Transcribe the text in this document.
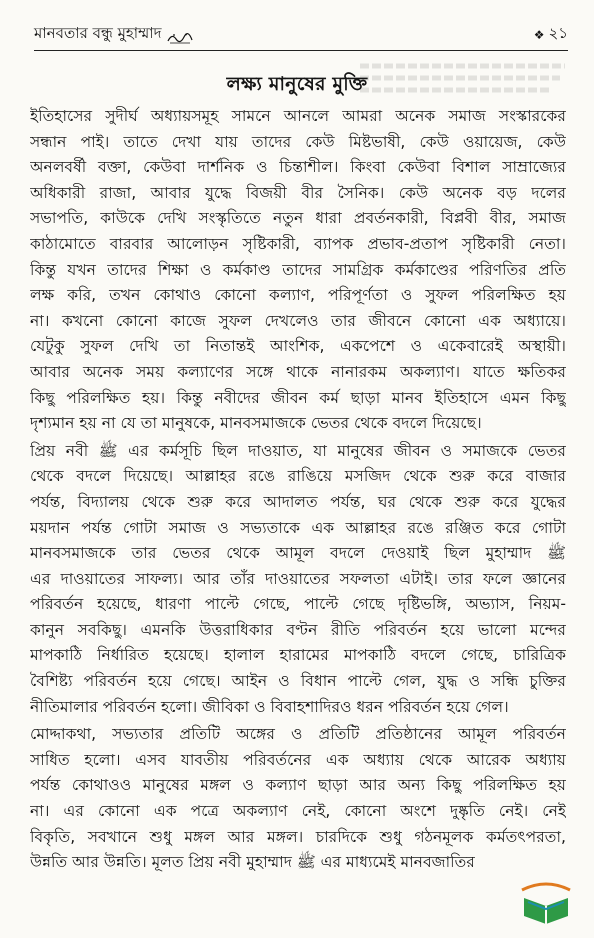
মানবতার বন্ধু মুহাম্মাদ	❖ ২১
লক্ষ্য মানুষের মুক্তি

ইতিহাসের সুদীর্ঘ অধ্যায়সমূহ সামনে আনলে আমরা অনেক সমাজ সংস্কারকের
সন্ধান পাই। তাতে দেখা যায় তাদের কেউ মিষ্টভাষী, কেউ ওয়ায়েজ, কেউ
অনলবর্ষী বক্তা, কেউবা দার্শনিক ও চিন্তাশীল। কিংবা কেউবা বিশাল সাম্রাজ্যের
অধিকারী রাজা, আবার যুদ্ধে বিজয়ী বীর সৈনিক। কেউ অনেক বড় দলের
সভাপতি, কাউকে দেখি সংস্কৃতিতে নতুন ধারা প্রবর্তনকারী, বিপ্লবী বীর, সমাজ
কাঠামোতে বারবার আলোড়ন সৃষ্টিকারী, ব্যাপক প্রভাব-প্রতাপ সৃষ্টিকারী নেতা।
কিন্তু যখন তাদের শিক্ষা ও কর্মকাণ্ড তাদের সামগ্রিক কর্মকাণ্ডের পরিণতির প্রতি
লক্ষ করি, তখন কোথাও কোনো কল্যাণ, পরিপূর্ণতা ও সুফল পরিলক্ষিত হয়
না। কখনো কোনো কাজে সুফল দেখলেও তার জীবনে কোনো এক অধ্যায়ে।
যেটুকু সুফল দেখি তা নিতান্তই আংশিক, একপেশে ও একেবারেই অস্থায়ী।
আবার অনেক সময় কল্যাণের সঙ্গে থাকে নানারকম অকল্যাণ। যাতে ক্ষতিকর
কিছু পরিলক্ষিত হয়। কিন্তু নবীদের জীবন কর্ম ছাড়া মানব ইতিহাসে এমন কিছু
দৃশ্যমান হয় না যে তা মানুষকে, মানবসমাজকে ভেতর থেকে বদলে দিয়েছে।

প্রিয় নবী ﷺ এর কর্মসূচি ছিল দাওয়াত, যা মানুষের জীবন ও সমাজকে ভেতর
থেকে বদলে দিয়েছে। আল্লাহর রঙে রাঙিয়ে মসজিদ থেকে শুরু করে বাজার
পর্যন্ত, বিদ্যালয় থেকে শুরু করে আদালত পর্যন্ত, ঘর থেকে শুরু করে যুদ্ধের
ময়দান পর্যন্ত গোটা সমাজ ও সভ্যতাকে এক আল্লাহর রঙে রঞ্জিত করে গোটা
মানবসমাজকে তার ভেতর থেকে আমূল বদলে দেওয়াই ছিল মুহাম্মাদ ﷺ
এর দাওয়াতের সাফল্য। আর তাঁর দাওয়াতের সফলতা এটাই। তার ফলে জ্ঞানের
পরিবর্তন হয়েছে, ধারণা পাল্টে গেছে, পাল্টে গেছে দৃষ্টিভঙ্গি, অভ্যাস, নিয়ম-
কানুন সবকিছু। এমনকি উত্তরাধিকার বণ্টন রীতি পরিবর্তন হয়ে ভালো মন্দের
মাপকাঠি নির্ধারিত হয়েছে। হালাল হারামের মাপকাঠি বদলে গেছে, চারিত্রিক
বৈশিষ্ট্য পরিবর্তন হয়ে গেছে। আইন ও বিধান পাল্টে গেল, যুদ্ধ ও সন্ধি চুক্তির
নীতিমালার পরিবর্তন হলো। জীবিকা ও বিবাহশাদিরও ধরন পরিবর্তন হয়ে গেল।

মোদ্দাকথা, সভ্যতার প্রতিটি অঙ্গের ও প্রতিটি প্রতিষ্ঠানের আমূল পরিবর্তন
সাধিত হলো। এসব যাবতীয় পরিবর্তনের এক অধ্যায় থেকে আরেক অধ্যায়
পর্যন্ত কোথাওও মানুষের মঙ্গল ও কল্যাণ ছাড়া আর অন্য কিছু পরিলক্ষিত হয়
না। এর কোনো এক পত্রে অকল্যাণ নেই, কোনো অংশে দুষ্কৃতি নেই। নেই
বিকৃতি, সবখানে শুধু মঙ্গল আর মঙ্গল। চারদিকে শুধু গঠনমূলক কর্মতৎপরতা,
উন্নতি আর উন্নতি। মূলত প্রিয় নবী মুহাম্মাদ ﷺ এর মাধ্যমেই মানবজাতির
